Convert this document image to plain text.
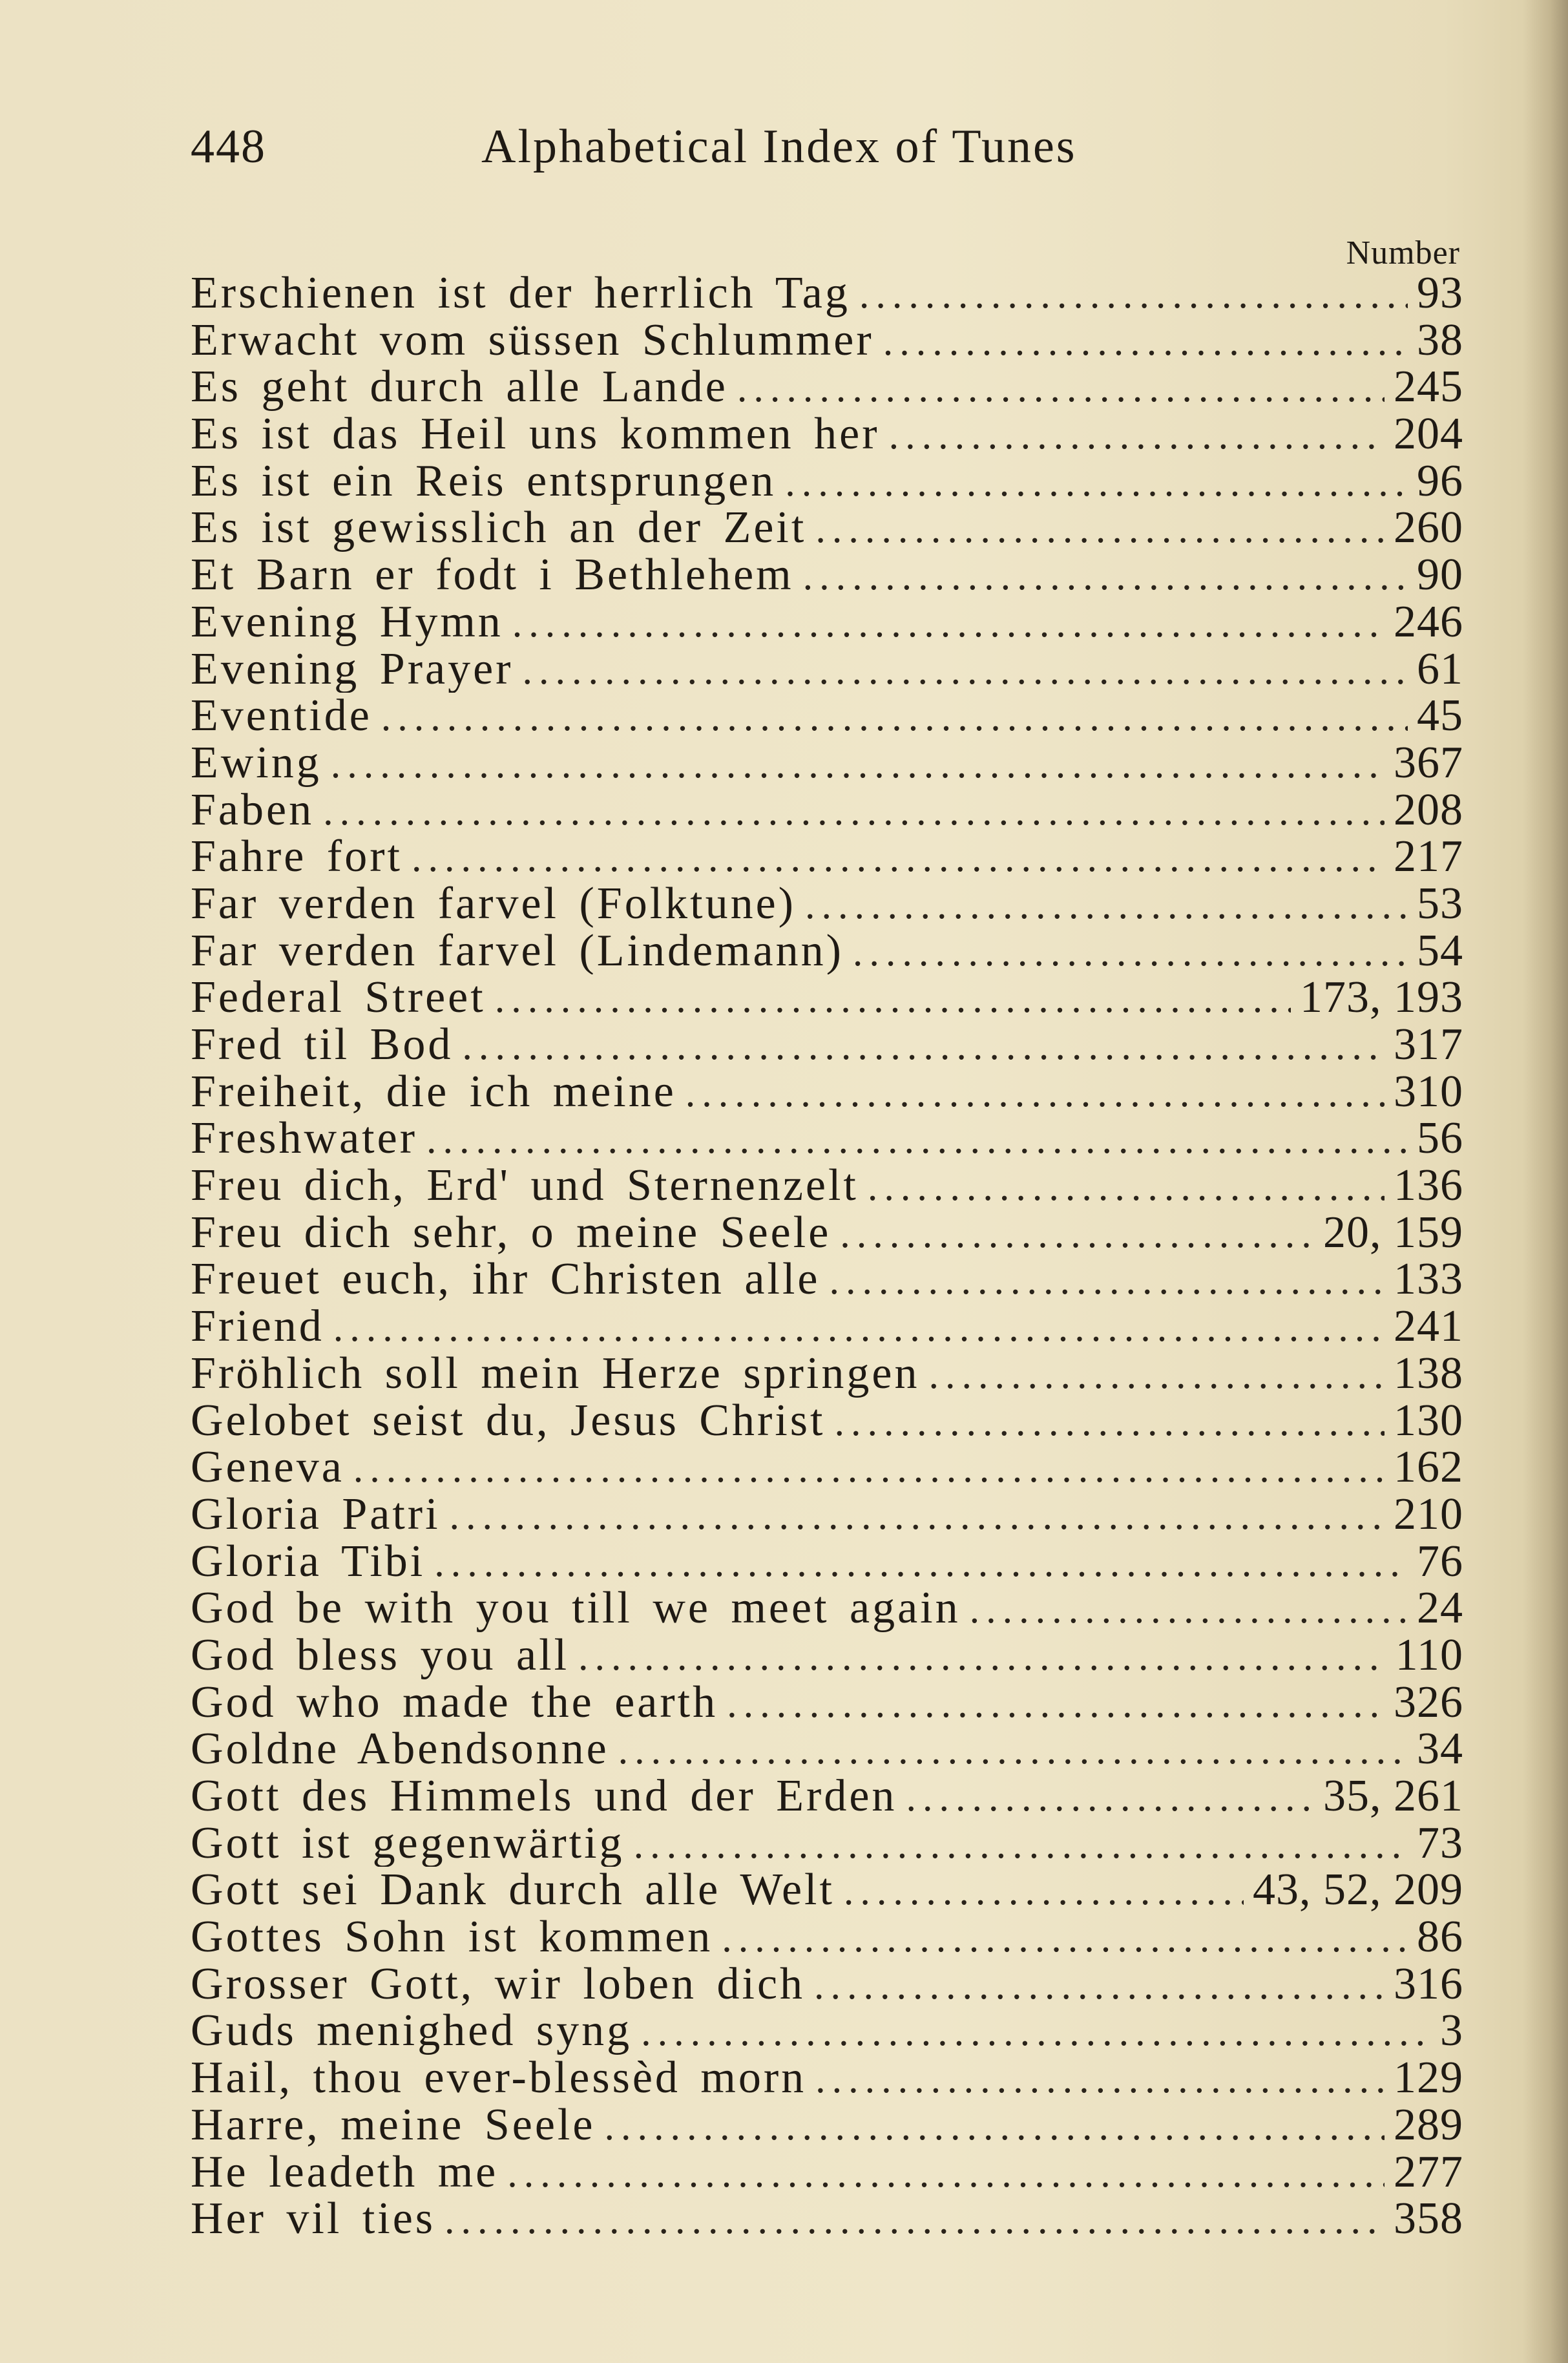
448	Alphabetical Index of Tunes
Number
Erschienen ist der herrlich Tag .....	93
Erwacht vom süssen Schlummer .....	38
Es geht durch alle Lande .....	245
Es ist das Heil uns kommen her .....	204
Es ist ein Reis entsprungen .....	96
Es ist gewisslich an der Zeit .....	260
Et Barn er fodt i Bethlehem .....	90
Evening Hymn .....	246
Evening Prayer .....	61
Eventide .....	45
Ewing .....	367
Faben .....	208
Fahre fort .....	217
Far verden farvel (Folktune) .....	53
Far verden farvel (Lindemann) .....	54
Federal Street .....	173, 193
Fred til Bod .....	317
Freiheit, die ich meine .....	310
Freshwater .....	56
Freu dich, Erd' und Sternenzelt .....	136
Freu dich sehr, o meine Seele .....	20, 159
Freuet euch, ihr Christen alle .....	133
Friend .....	241
Fröhlich soll mein Herze springen .....	138
Gelobet seist du, Jesus Christ .....	130
Geneva .....	162
Gloria Patri .....	210
Gloria Tibi .....	76
God be with you till we meet again .....	24
God bless you all .....	110
God who made the earth .....	326
Goldne Abendsonne .....	34
Gott des Himmels und der Erden .....	35, 261
Gott ist gegenwärtig .....	73
Gott sei Dank durch alle Welt .....	43, 52, 209
Gottes Sohn ist kommen .....	86
Grosser Gott, wir loben dich .....	316
Guds menighed syng .....	3
Hail, thou ever-blessèd morn .....	129
Harre, meine Seele .....	289
He leadeth me .....	277
Her vil ties .....	358
